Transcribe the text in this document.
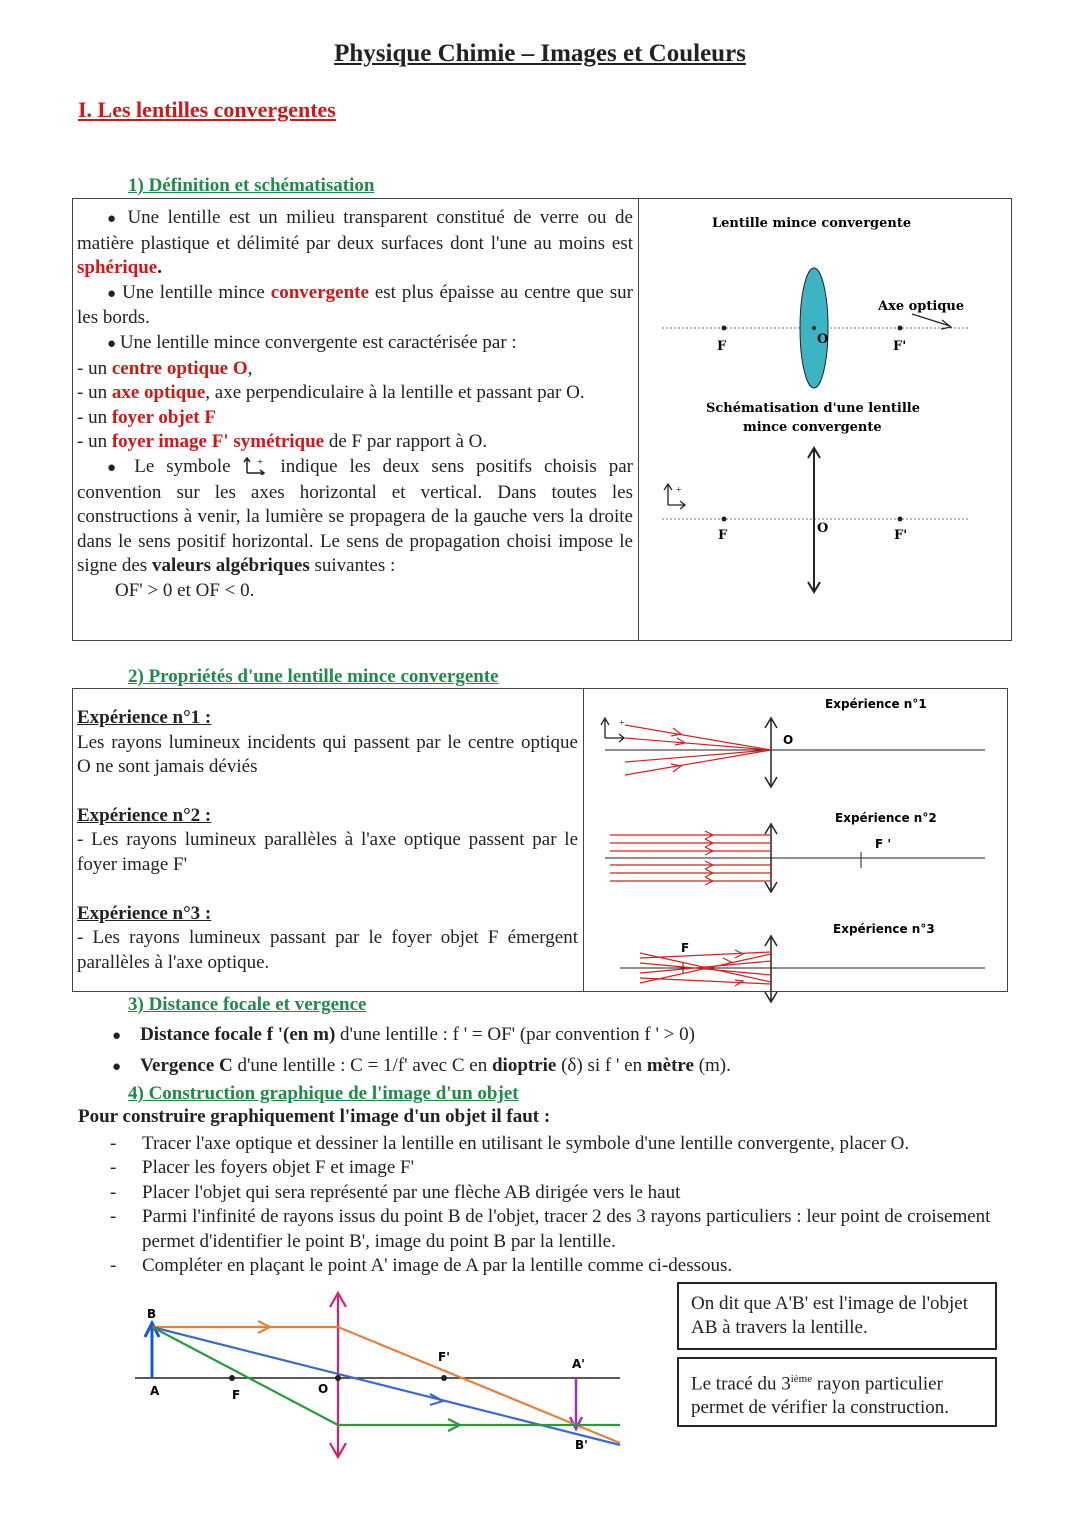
Physique Chimie – Images et Couleurs
I. Les lentilles convergentes
1) Définition et schématisation

● Une lentille est un milieu transparent constitué de verre ou de matière plastique et délimité par deux surfaces dont l'une au moins est sphérique.

● Une lentille mince convergente est plus épaisse au centre que sur les bords.

● Une lentille mince convergente est caractérisée par :

- un centre optique O,

- un axe optique, axe perpendiculaire à la lentille et passant par O.

- un foyer objet F

- un foyer image F' symétrique de F par rapport à O.

● Le symbole + indique les deux sens positifs choisis par convention sur les axes horizontal et vertical. Dans toutes les constructions à venir, la lumière se propagera de la gauche vers la droite dans le sens positif horizontal. Le sens de propagation choisi impose le signe des valeurs algébriques suivantes :

OF' > 0 et OF < 0.

Lentille mince convergente
F	F'
O
Axe optique
Schématisation d'une lentille
mince convergente
F	F'
O
+
2) Propriétés d'une lentille mince convergente

Expérience n°1 :

Les rayons lumineux incidents qui passent par le centre optique O ne sont jamais déviés

Expérience n°2 :

- Les rayons lumineux parallèles à l'axe optique passent par le foyer image F'

Expérience n°3 :

- Les rayons lumineux passant par le foyer objet F émergent parallèles à l'axe optique.

Expérience n°1
O
+
Expérience n°2
F '
Expérience n°3
F
3) Distance focale et vergence
● Distance focale f '(en m) d'une lentille : f ' = OF' (par convention f ' > 0)
● Vergence C d'une lentille : C = 1/f' avec C en dioptrie (δ) si f ' en mètre (m).
4) Construction graphique de l'image d'un objet
Pour construire graphiquement l'image d'un objet il faut :
- Tracer l'axe optique et dessiner la lentille en utilisant le symbole d'une lentille convergente, placer O.
- Placer les foyers objet F et image F'
- Placer l'objet qui sera représenté par une flèche AB dirigée vers le haut
- Parmi l'infinité de rayons issus du point B de l'objet, tracer 2 des 3 rayons particuliers : leur point de croisement permet d'identifier le point B', image du point B par la lentille.
- Compléter en plaçant le point A' image de A par la lentille comme ci-dessous.
B
A	F	O
F'	A'
B'
On dit que A'B' est l'image de l'objet AB à travers la lentille.
Le tracé du 3ième rayon particulier permet de vérifier la construction.
